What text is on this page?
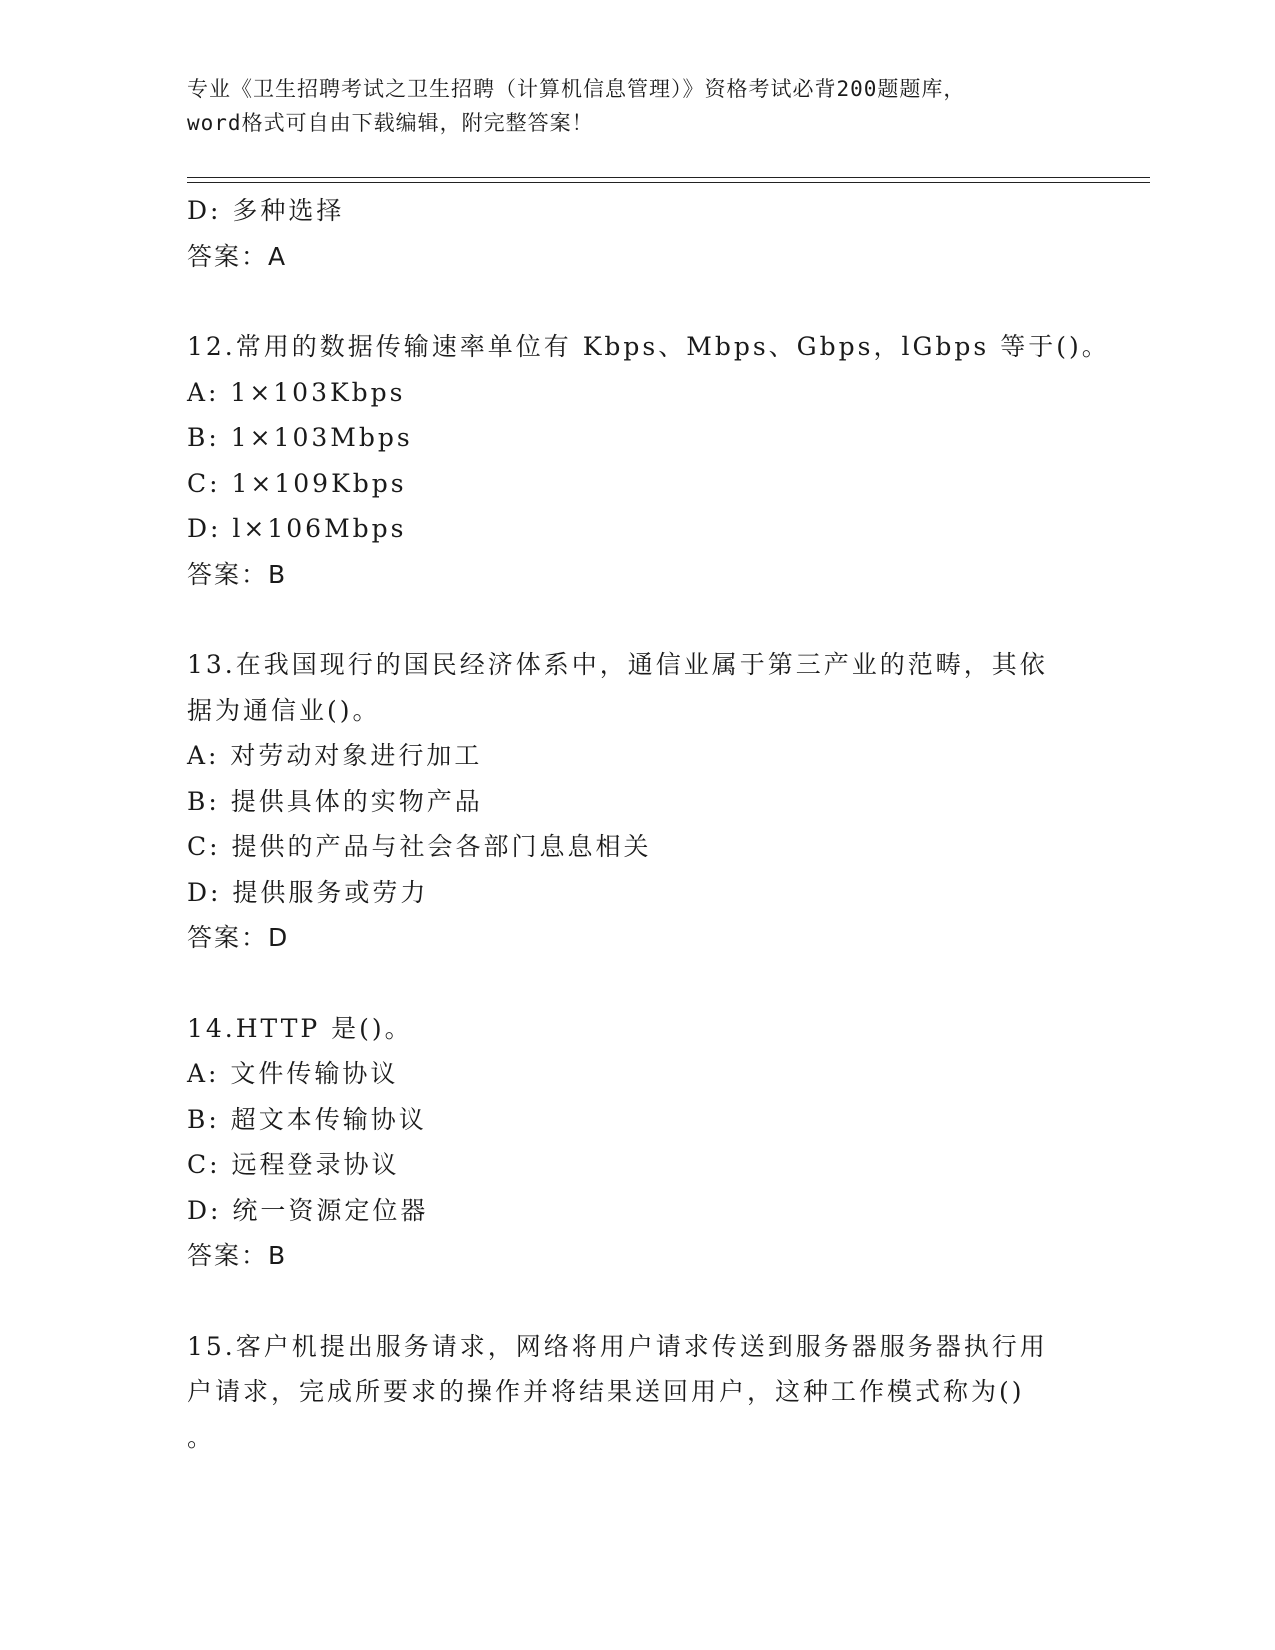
专业《卫生招聘考试之卫生招聘（计算机信息管理）》资格考试必背200题题库，
word格式可自由下载编辑，附完整答案！
D: 多种选择
答案：A
12.常用的数据传输速率单位有 Kbps、Mbps、Gbps，lGbps 等于()。
A: 1×103Kbps
B: 1×103Mbps
C: 1×109Kbps
D: l×106Mbps
答案：B
13.在我国现行的国民经济体系中，通信业属于第三产业的范畴，其依
据为通信业()。
A: 对劳动对象进行加工
B: 提供具体的实物产品
C: 提供的产品与社会各部门息息相关
D: 提供服务或劳力
答案：D
14.HTTP 是()。
A: 文件传输协议
B: 超文本传输协议
C: 远程登录协议
D: 统一资源定位器
答案：B
15.客户机提出服务请求，网络将用户请求传送到服务器服务器执行用
户请求，完成所要求的操作并将结果送回用户，这种工作模式称为()
。
